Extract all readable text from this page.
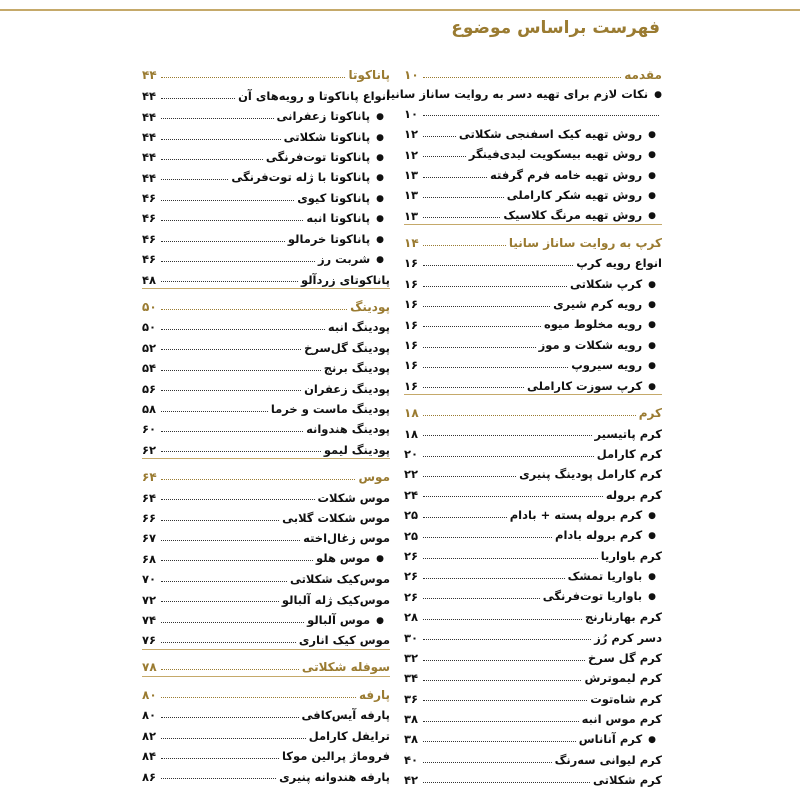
فهرست براساس موضوع
مقدمه
۱۰
● نکات لازم برای تهیه دسر به روایت ساناز سانیا
۱۰
● روش تهیه کیک اسفنجی شکلاتی
۱۲
● روش تهیه بیسکویت لیدی‌فینگر
۱۲
● روش تهیه خامه فرم گرفته
۱۳
● روش تهیه شکر کاراملی
۱۳
● روش تهیه مرنگ کلاسیک
۱۳
کرپ به روایت ساناز سانیا
۱۴
انواع رویه کرپ
۱۶
● کرپ شکلاتی
۱۶
● رویه کرم شیری
۱۶
● رویه مخلوط میوه
۱۶
● رویه شکلات و موز
۱۶
● رویه سیروپ
۱۶
● کرپ سوزت کاراملی
۱۶
کرم
۱۸
کرم پاتیسیر
۱۸
کرم کارامل
۲۰
کرم کارامل پودینگ پنیری
۲۲
کرم برولە
۲۴
● کرم برولە پسته + بادام
۲۵
● کرم برولە بادام
۲۵
کرم باواریا
۲۶
● باواریا تمشک
۲۶
● باواریا توت‌فرنگی
۲۶
کرم بهارنارنج
۲۸
دسر کرم رُز
۳۰
کرم گل سرخ
۳۲
کرم لیموترش
۳۴
کرم شاه‌توت
۳۶
کرم موس انبه
۳۸
● کرم آناناس
۳۸
کرم لیوانی سه‌رنگ
۴۰
کرم شکلاتی
۴۲
پاناکوتا
۴۴
انواع پاناکوتا و رویه‌های آن
۴۴
● پاناکوتا زعفرانی
۴۴
● پاناکوتا شکلاتی
۴۴
● پاناکوتا توت‌فرنگی
۴۴
● پاناکوتا با ژله توت‌فرنگی
۴۴
● پاناکوتا کیوی
۴۶
● پاناکوتا انبه
۴۶
● پاناکوتا خرمالو
۴۶
● شربت رز
۴۶
پاناکوتای زردآلو
۴۸
پودینگ
۵۰
پودینگ انبه
۵۰
پودینگ گل‌سرخ
۵۲
پودینگ برنج
۵۴
پودینگ زعفران
۵۶
پودینگ ماست و خرما
۵۸
پودینگ هندوانه
۶۰
پودینگ لیمو
۶۲
موس
۶۴
موس شکلات
۶۴
موس شکلات گلابی
۶۶
موس زغال‌اخته
۶۷
● موس هلو
۶۸
موس‌کیک شکلاتی
۷۰
موس‌کیک ژله آلبالو
۷۲
● موس آلبالو
۷۴
موس کیک اناری
۷۶
سوفله شکلاتی
۷۸
پارفه
۸۰
پارفه آیس‌کافی
۸۰
ترایفل کارامل
۸۲
فروماژ پرالین موکا
۸۴
پارفه هندوانه پنیری
۸۶
